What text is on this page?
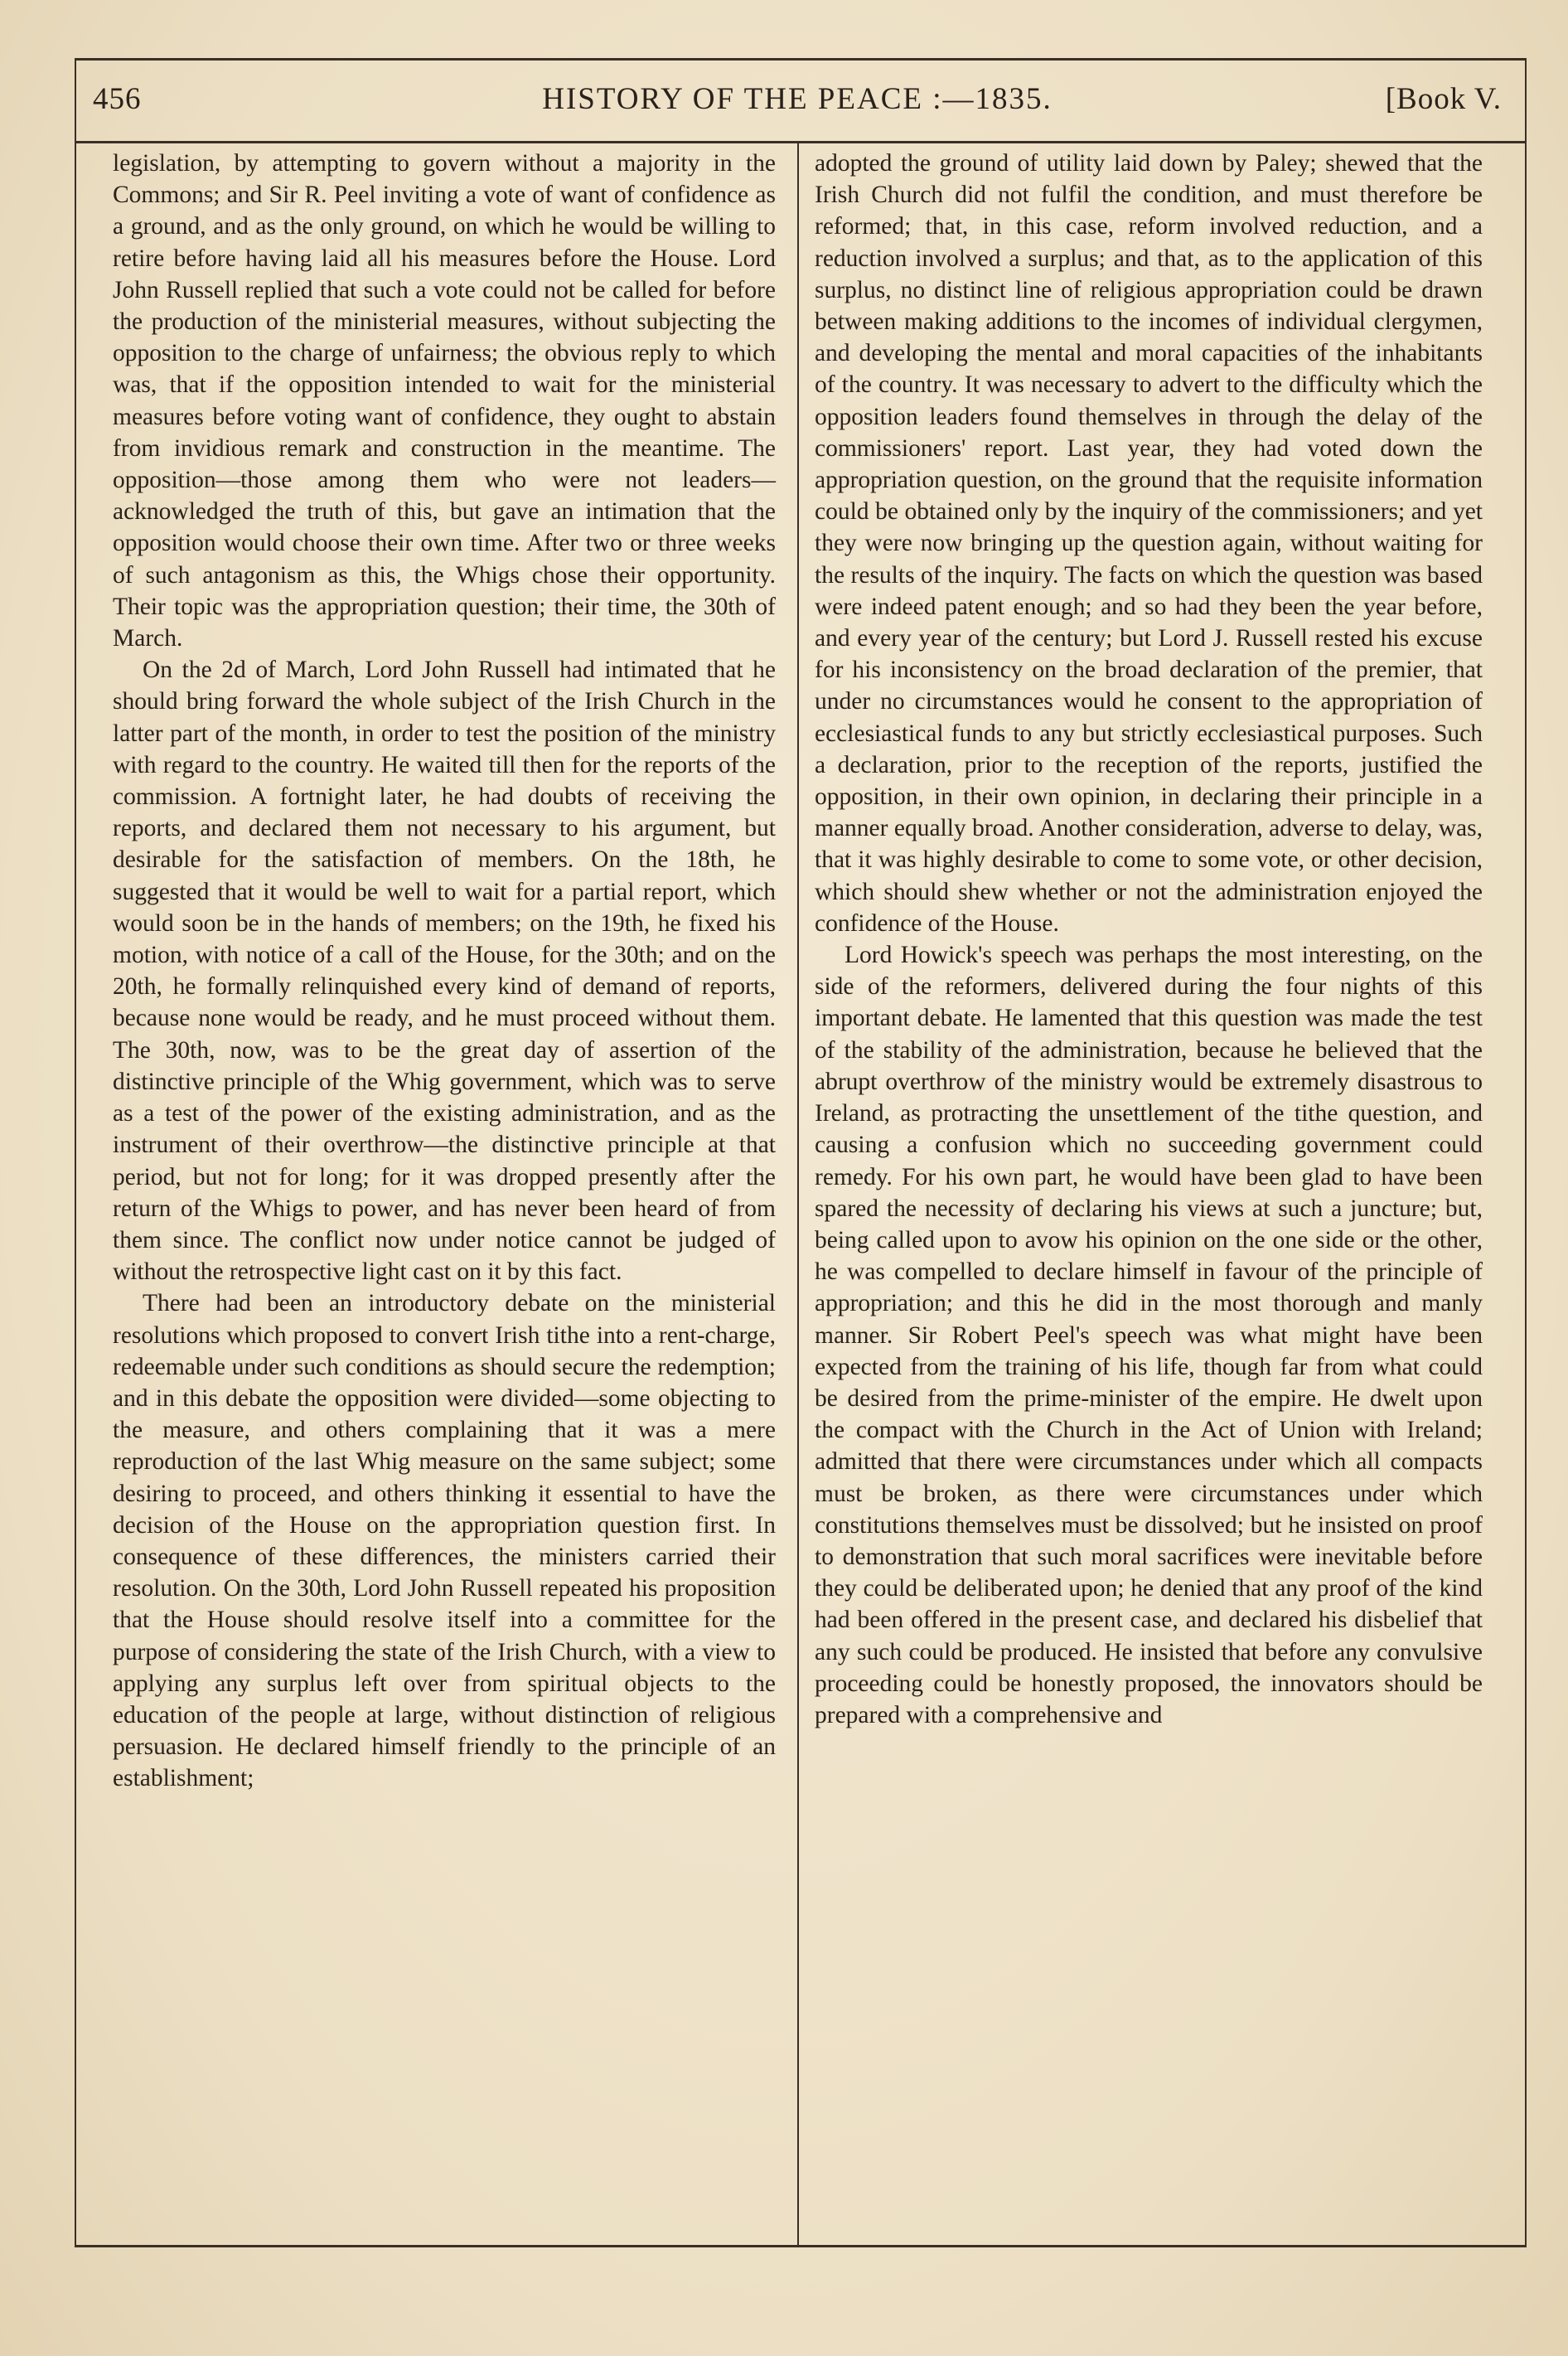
456	HISTORY OF THE PEACE :—1835.	[Book V.

legislation, by attempting to govern without a majority in the Commons; and Sir R. Peel inviting a vote of want of confidence as a ground, and as the only ground, on which he would be willing to retire before having laid all his measures before the House. Lord John Russell replied that such a vote could not be called for before the production of the ministerial measures, without subjecting the opposition to the charge of unfairness; the obvious reply to which was, that if the opposition intended to wait for the ministerial measures before voting want of confidence, they ought to abstain from invidious remark and construction in the meantime. The opposition—those among them who were not leaders—acknowledged the truth of this, but gave an intimation that the opposition would choose their own time. After two or three weeks of such antagonism as this, the Whigs chose their opportunity. Their topic was the appropriation question; their time, the 30th of March.

On the 2d of March, Lord John Russell had intimated that he should bring forward the whole subject of the Irish Church in the latter part of the month, in order to test the position of the ministry with regard to the country. He waited till then for the reports of the commission. A fortnight later, he had doubts of receiving the reports, and declared them not necessary to his argument, but desirable for the satisfaction of members. On the 18th, he suggested that it would be well to wait for a partial report, which would soon be in the hands of members; on the 19th, he fixed his motion, with notice of a call of the House, for the 30th; and on the 20th, he formally relinquished every kind of demand of reports, because none would be ready, and he must proceed without them. The 30th, now, was to be the great day of assertion of the distinctive principle of the Whig government, which was to serve as a test of the power of the existing administration, and as the instrument of their overthrow—the distinctive principle at that period, but not for long; for it was dropped presently after the return of the Whigs to power, and has never been heard of from them since. The conflict now under notice cannot be judged of without the retrospective light cast on it by this fact.

There had been an introductory debate on the ministerial resolutions which proposed to convert Irish tithe into a rent-charge, redeemable under such conditions as should secure the redemption; and in this debate the opposition were divided—some objecting to the measure, and others complaining that it was a mere reproduction of the last Whig measure on the same subject; some desiring to proceed, and others thinking it essential to have the decision of the House on the appropriation question first. In consequence of these differences, the ministers carried their resolution. On the 30th, Lord John Russell repeated his proposition that the House should resolve itself into a committee for the purpose of considering the state of the Irish Church, with a view to applying any surplus left over from spiritual objects to the education of the people at large, without distinction of religious persuasion. He declared himself friendly to the principle of an establishment;

adopted the ground of utility laid down by Paley; shewed that the Irish Church did not fulfil the condition, and must therefore be reformed; that, in this case, reform involved reduction, and a reduction involved a surplus; and that, as to the application of this surplus, no distinct line of religious appropriation could be drawn between making additions to the incomes of individual clergymen, and developing the mental and moral capacities of the inhabitants of the country. It was necessary to advert to the difficulty which the opposition leaders found themselves in through the delay of the commissioners' report. Last year, they had voted down the appropriation question, on the ground that the requisite information could be obtained only by the inquiry of the commissioners; and yet they were now bringing up the question again, without waiting for the results of the inquiry. The facts on which the question was based were indeed patent enough; and so had they been the year before, and every year of the century; but Lord J. Russell rested his excuse for his inconsistency on the broad declaration of the premier, that under no circumstances would he consent to the appropriation of ecclesiastical funds to any but strictly ecclesiastical purposes. Such a declaration, prior to the reception of the reports, justified the opposition, in their own opinion, in declaring their principle in a manner equally broad. Another consideration, adverse to delay, was, that it was highly desirable to come to some vote, or other decision, which should shew whether or not the administration enjoyed the confidence of the House.

Lord Howick's speech was perhaps the most interesting, on the side of the reformers, delivered during the four nights of this important debate. He lamented that this question was made the test of the stability of the administration, because he believed that the abrupt overthrow of the ministry would be extremely disastrous to Ireland, as protracting the unsettlement of the tithe question, and causing a confusion which no succeeding government could remedy. For his own part, he would have been glad to have been spared the necessity of declaring his views at such a juncture; but, being called upon to avow his opinion on the one side or the other, he was compelled to declare himself in favour of the principle of appropriation; and this he did in the most thorough and manly manner. Sir Robert Peel's speech was what might have been expected from the training of his life, though far from what could be desired from the prime-minister of the empire. He dwelt upon the compact with the Church in the Act of Union with Ireland; admitted that there were circumstances under which all compacts must be broken, as there were circumstances under which constitutions themselves must be dissolved; but he insisted on proof to demonstration that such moral sacrifices were inevitable before they could be deliberated upon; he denied that any proof of the kind had been offered in the present case, and declared his disbelief that any such could be produced. He insisted that before any convulsive proceeding could be honestly proposed, the innovators should be prepared with a comprehensive and
